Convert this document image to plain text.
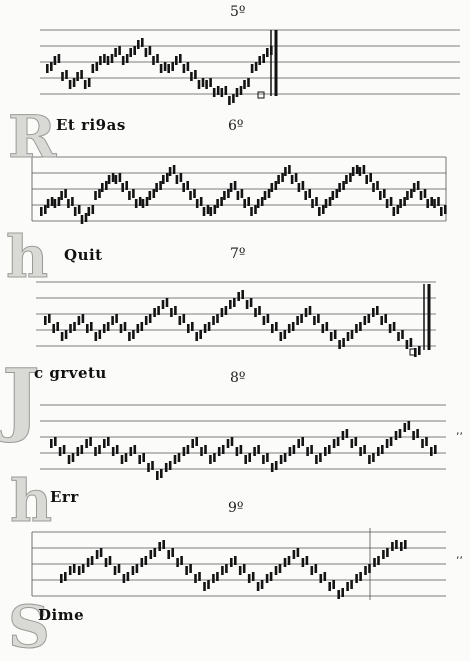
5º
6º
7º
8º
9º
R
h
J
h
S
Et ri9as
Quit
c grvetu
Err
Dime
,,
,,
